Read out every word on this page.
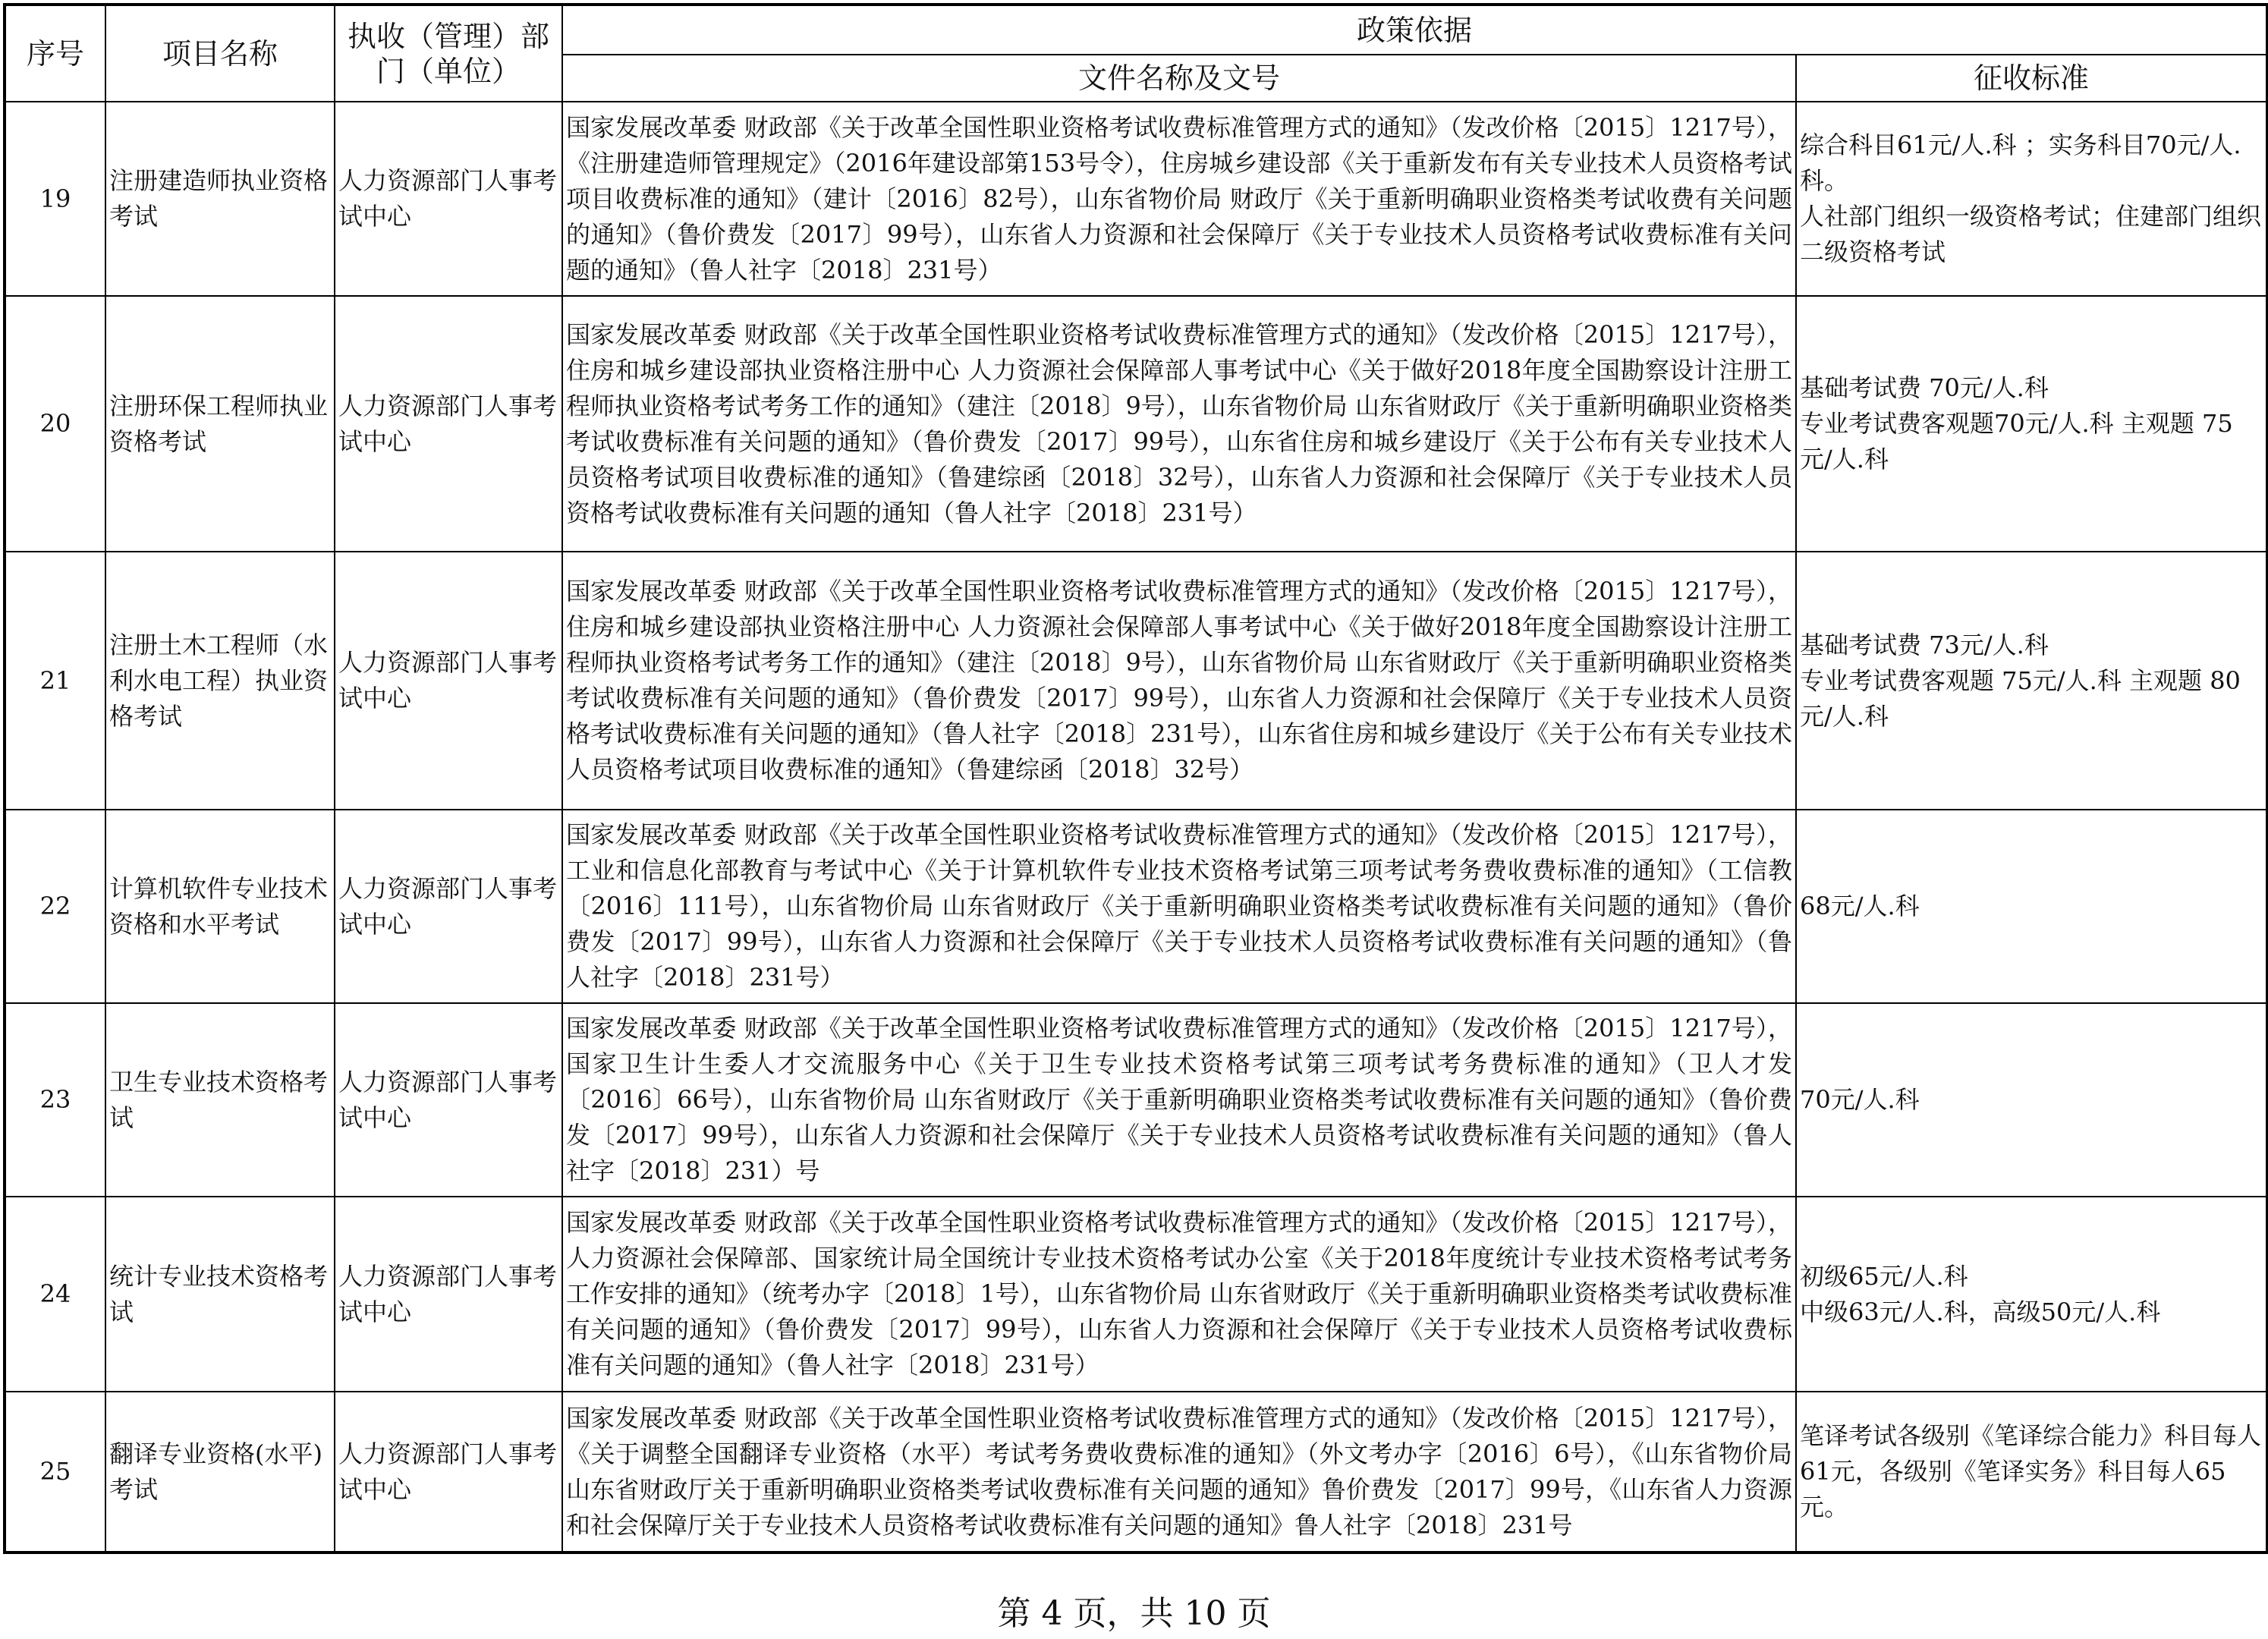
序号	项目名称	执收（管理）部门（单位）	政策依据	
			文件名称及文号	征收标准
19	注册建造师执业资格考试	人力资源部门人事考试中心	国家发展改革委 财政部《关于改革全国性职业资格考试收费标准管理方式的通知》（发改价格〔2015〕1217号），《注册建造师管理规定》（2016年建设部第153号令），住房城乡建设部《关于重新发布有关专业技术人员资格考试项目收费标准的通知》（建计〔2016〕82号），山东省物价局 财政厅《关于重新明确职业资格类考试收费有关问题的通知》（鲁价费发〔2017〕99号），山东省人力资源和社会保障厅《关于专业技术人员资格考试收费标准有关问题的通知》（鲁人社字〔2018〕231号）	综合科目61元/人.科 ；实务科目70元/人.科。
人社部门组织一级资格考试；住建部门组织二级资格考试
20	注册环保工程师执业资格考试	人力资源部门人事考试中心	国家发展改革委 财政部《关于改革全国性职业资格考试收费标准管理方式的通知》（发改价格〔2015〕1217号），住房和城乡建设部执业资格注册中心 人力资源社会保障部人事考试中心《关于做好2018年度全国勘察设计注册工程师执业资格考试考务工作的通知》（建注〔2018〕9号），山东省物价局 山东省财政厅《关于重新明确职业资格类考试收费标准有关问题的通知》（鲁价费发〔2017〕99号），山东省住房和城乡建设厅《关于公布有关专业技术人员资格考试项目收费标准的通知》（鲁建综函〔2018〕32号），山东省人力资源和社会保障厅《关于专业技术人员资格考试收费标准有关问题的通知（鲁人社字〔2018〕231号）	基础考试费 70元/人.科
专业考试费客观题70元/人.科 主观题 75元/人.科
21	注册土木工程师（水利水电工程）执业资格考试	人力资源部门人事考试中心	国家发展改革委 财政部《关于改革全国性职业资格考试收费标准管理方式的通知》（发改价格〔2015〕1217号），住房和城乡建设部执业资格注册中心 人力资源社会保障部人事考试中心《关于做好2018年度全国勘察设计注册工程师执业资格考试考务工作的通知》（建注〔2018〕9号），山东省物价局 山东省财政厅《关于重新明确职业资格类考试收费标准有关问题的通知》（鲁价费发〔2017〕99号），山东省人力资源和社会保障厅《关于专业技术人员资格考试收费标准有关问题的通知》（鲁人社字〔2018〕231号），山东省住房和城乡建设厅《关于公布有关专业技术人员资格考试项目收费标准的通知》（鲁建综函〔2018〕32号）	基础考试费 73元/人.科
专业考试费客观题 75元/人.科 主观题 80元/人.科
22	计算机软件专业技术资格和水平考试	人力资源部门人事考试中心	国家发展改革委 财政部《关于改革全国性职业资格考试收费标准管理方式的通知》（发改价格〔2015〕1217号），工业和信息化部教育与考试中心《关于计算机软件专业技术资格考试第三项考试考务费收费标准的通知》（工信教〔2016〕111号），山东省物价局 山东省财政厅《关于重新明确职业资格类考试收费标准有关问题的通知》（鲁价费发〔2017〕99号），山东省人力资源和社会保障厅《关于专业技术人员资格考试收费标准有关问题的通知》（鲁人社字〔2018〕231号）	68元/人.科
23	卫生专业技术资格考试	人力资源部门人事考试中心	国家发展改革委 财政部《关于改革全国性职业资格考试收费标准管理方式的通知》（发改价格〔2015〕1217号），国家卫生计生委人才交流服务中心《关于卫生专业技术资格考试第三项考试考务费标准的通知》（卫人才发〔2016〕66号），山东省物价局 山东省财政厅《关于重新明确职业资格类考试收费标准有关问题的通知》（鲁价费发〔2017〕99号），山东省人力资源和社会保障厅《关于专业技术人员资格考试收费标准有关问题的通知》（鲁人社字〔2018〕231）号	70元/人.科
24	统计专业技术资格考试	人力资源部门人事考试中心	国家发展改革委 财政部《关于改革全国性职业资格考试收费标准管理方式的通知》（发改价格〔2015〕1217号），人力资源社会保障部、国家统计局全国统计专业技术资格考试办公室《关于2018年度统计专业技术资格考试考务工作安排的通知》（统考办字〔2018〕1号），山东省物价局 山东省财政厅《关于重新明确职业资格类考试收费标准有关问题的通知》（鲁价费发〔2017〕99号），山东省人力资源和社会保障厅《关于专业技术人员资格考试收费标准有关问题的通知》（鲁人社字〔2018〕231号）	初级65元/人.科
中级63元/人.科，高级50元/人.科
25	翻译专业资格(水平)考试	人力资源部门人事考试中心	国家发展改革委 财政部《关于改革全国性职业资格考试收费标准管理方式的通知》（发改价格〔2015〕1217号），《关于调整全国翻译专业资格（水平）考试考务费收费标准的通知》（外文考办字〔2016〕6号），《山东省物价局 山东省财政厅关于重新明确职业资格类考试收费标准有关问题的通知》鲁价费发〔2017〕99号，《山东省人力资源和社会保障厅关于专业技术人员资格考试收费标准有关问题的通知》鲁人社字〔2018〕231号	笔译考试各级别《笔译综合能力》科目每人61元，各级别《笔译实务》科目每人65元。
第 4 页，共 10 页
